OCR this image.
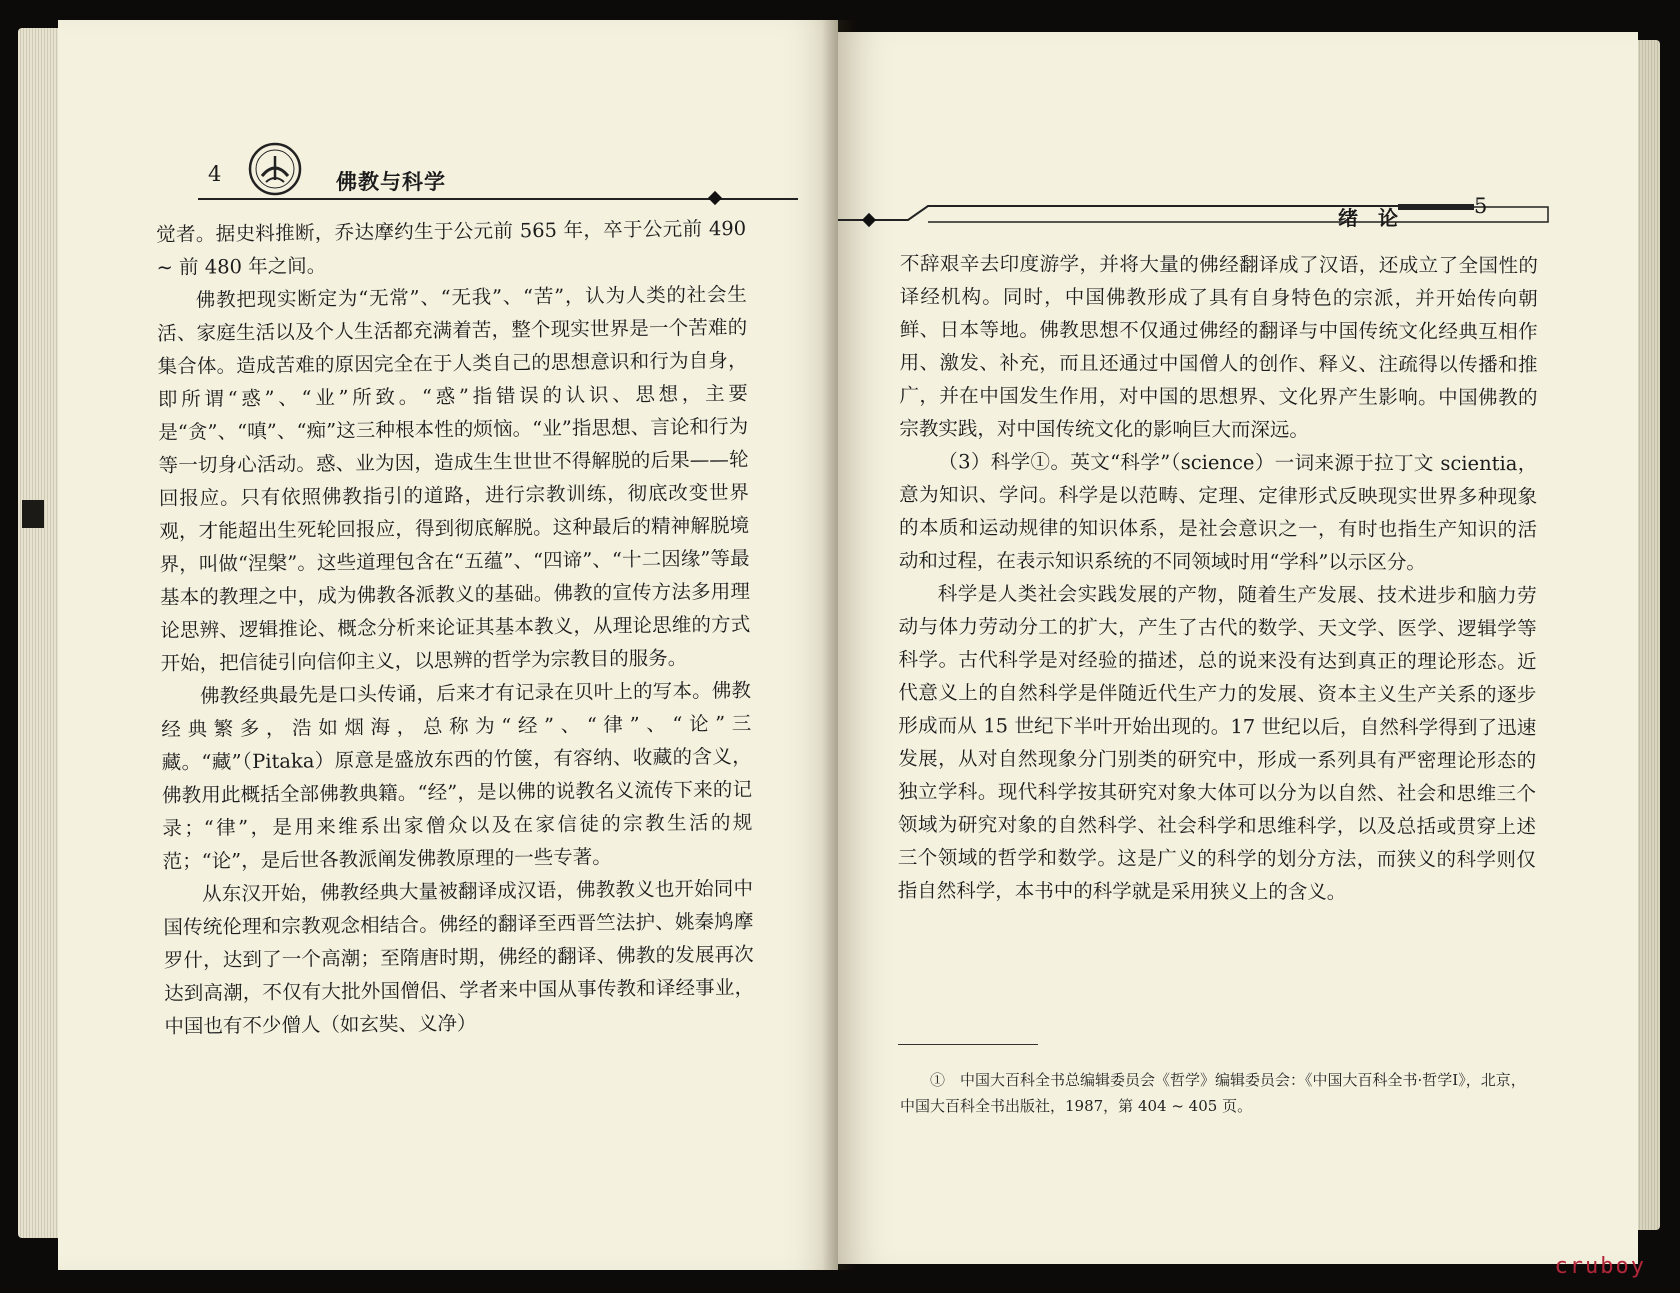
4	佛教与科学

觉者。据史料推断，乔达摩约生于公元前 565 年，卒于公元前 490 ~ 前 480 年之间。

佛教把现实断定为“无常”、“无我”、“苦”，认为人类的社会生活、家庭生活以及个人生活都充满着苦，整个现实世界是一个苦难的集合体。造成苦难的原因完全在于人类自己的思想意识和行为自身，即所谓“惑”、“业”所致。“惑”指错误的认识、思想，主要是“贪”、“嗔”、“痴”这三种根本性的烦恼。“业”指思想、言论和行为等一切身心活动。惑、业为因，造成生生世世不得解脱的后果——轮回报应。只有依照佛教指引的道路，进行宗教训练，彻底改变世界观，才能超出生死轮回报应，得到彻底解脱。这种最后的精神解脱境界，叫做“涅槃”。这些道理包含在“五蕴”、“四谛”、“十二因缘”等最基本的教理之中，成为佛教各派教义的基础。佛教的宣传方法多用理论思辨、逻辑推论、概念分析来论证其基本教义，从理论思维的方式开始，把信徒引向信仰主义，以思辨的哲学为宗教目的服务。

佛教经典最先是口头传诵，后来才有记录在贝叶上的写本。佛教经典繁多，浩如烟海，总称为“经”、“律”、“论”三藏。“藏”（Pitaka）原意是盛放东西的竹箧，有容纳、收藏的含义，佛教用此概括全部佛教典籍。“经”，是以佛的说教名义流传下来的记录；“律”，是用来维系出家僧众以及在家信徒的宗教生活的规范；“论”，是后世各教派阐发佛教原理的一些专著。

从东汉开始，佛教经典大量被翻译成汉语，佛教教义也开始同中国传统伦理和宗教观念相结合。佛经的翻译至西晋竺法护、姚秦鸠摩罗什，达到了一个高潮；至隋唐时期，佛经的翻译、佛教的发展再次达到高潮，不仅有大批外国僧侣、学者来中国从事传教和译经事业，中国也有不少僧人（如玄奘、义净）

绪　论	5

不辞艰辛去印度游学，并将大量的佛经翻译成了汉语，还成立了全国性的译经机构。同时，中国佛教形成了具有自身特色的宗派，并开始传向朝鲜、日本等地。佛教思想不仅通过佛经的翻译与中国传统文化经典互相作用、激发、补充，而且还通过中国僧人的创作、释义、注疏得以传播和推广，并在中国发生作用，对中国的思想界、文化界产生影响。中国佛教的宗教实践，对中国传统文化的影响巨大而深远。

（3）科学①。英文“科学”（science）一词来源于拉丁文 scientia，意为知识、学问。科学是以范畴、定理、定律形式反映现实世界多种现象的本质和运动规律的知识体系，是社会意识之一，有时也指生产知识的活动和过程，在表示知识系统的不同领域时用“学科”以示区分。

科学是人类社会实践发展的产物，随着生产发展、技术进步和脑力劳动与体力劳动分工的扩大，产生了古代的数学、天文学、医学、逻辑学等科学。古代科学是对经验的描述，总的说来没有达到真正的理论形态。近代意义上的自然科学是伴随近代生产力的发展、资本主义生产关系的逐步形成而从 15 世纪下半叶开始出现的。17 世纪以后，自然科学得到了迅速发展，从对自然现象分门别类的研究中，形成一系列具有严密理论形态的独立学科。现代科学按其研究对象大体可以分为以自然、社会和思维三个领域为研究对象的自然科学、社会科学和思维科学，以及总括或贯穿上述三个领域的哲学和数学。这是广义的科学的划分方法，而狭义的科学则仅指自然科学，本书中的科学就是采用狭义上的含义。

①　中国大百科全书总编辑委员会《哲学》编辑委员会：《中国大百科全书·哲学Ⅰ》，北京，中国大百科全书出版社，1987，第 404 ~ 405 页。
cruboy
